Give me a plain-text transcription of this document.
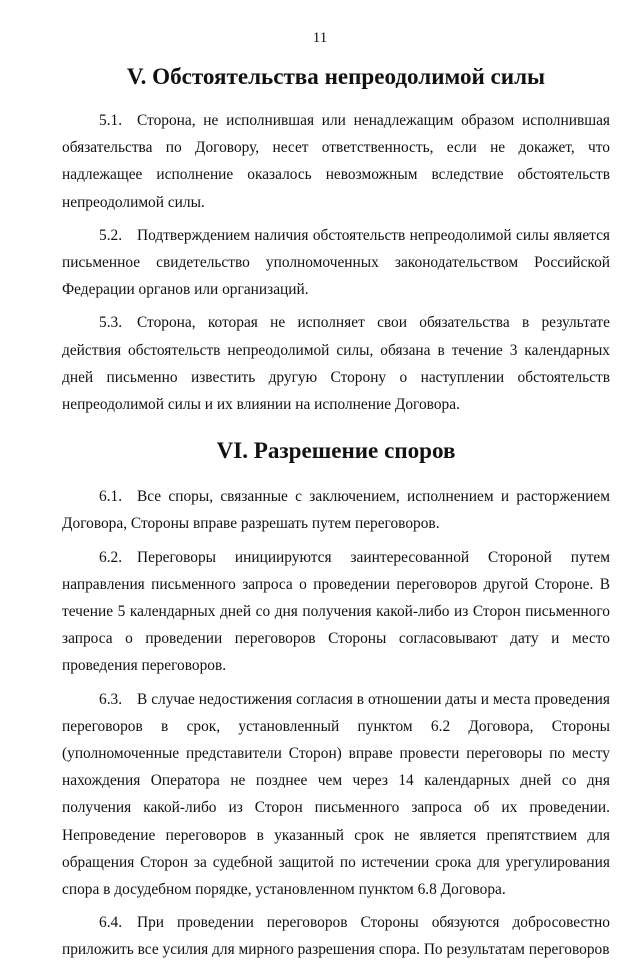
11
V. Обстоятельства непреодолимой силы

5.1. Сторона, не исполнившая или ненадлежащим образом исполнившая обязательства по Договору, несет ответственность, если не докажет, что надлежащее исполнение оказалось невозможным вследствие обстоятельств непреодолимой силы.

5.2. Подтверждением наличия обстоятельств непреодолимой силы является письменное свидетельство уполномоченных законодательством Российской Федерации органов или организаций.

5.3. Сторона, которая не исполняет свои обязательства в результате действия обстоятельств непреодолимой силы, обязана в течение 3 календарных дней письменно известить другую Сторону о наступлении обстоятельств непреодолимой силы и их влиянии на исполнение Договора.

VI. Разрешение споров

6.1. Все споры, связанные с заключением, исполнением и расторжением Договора, Стороны вправе разрешать путем переговоров.

6.2. Переговоры инициируются заинтересованной Стороной путем направления письменного запроса о проведении переговоров другой Стороне. В течение 5 календарных дней со дня получения какой-либо из Сторон письменного запроса о проведении переговоров Стороны согласовывают дату и место проведения переговоров.

6.3. В случае недостижения согласия в отношении даты и места проведения переговоров в срок, установленный пунктом 6.2 Договора, Стороны (уполномоченные представители Сторон) вправе провести переговоры по месту нахождения Оператора не позднее чем через 14 календарных дней со дня получения какой-либо из Сторон письменного запроса об их проведении. Непроведение переговоров в указанный срок не является препятствием для обращения Сторон за судебной защитой по истечении срока для урегулирования спора в досудебном порядке, установленном пунктом 6.8 Договора.

6.4. При проведении переговоров Стороны обязуются добросовестно приложить все усилия для мирного разрешения спора. По результатам переговоров
